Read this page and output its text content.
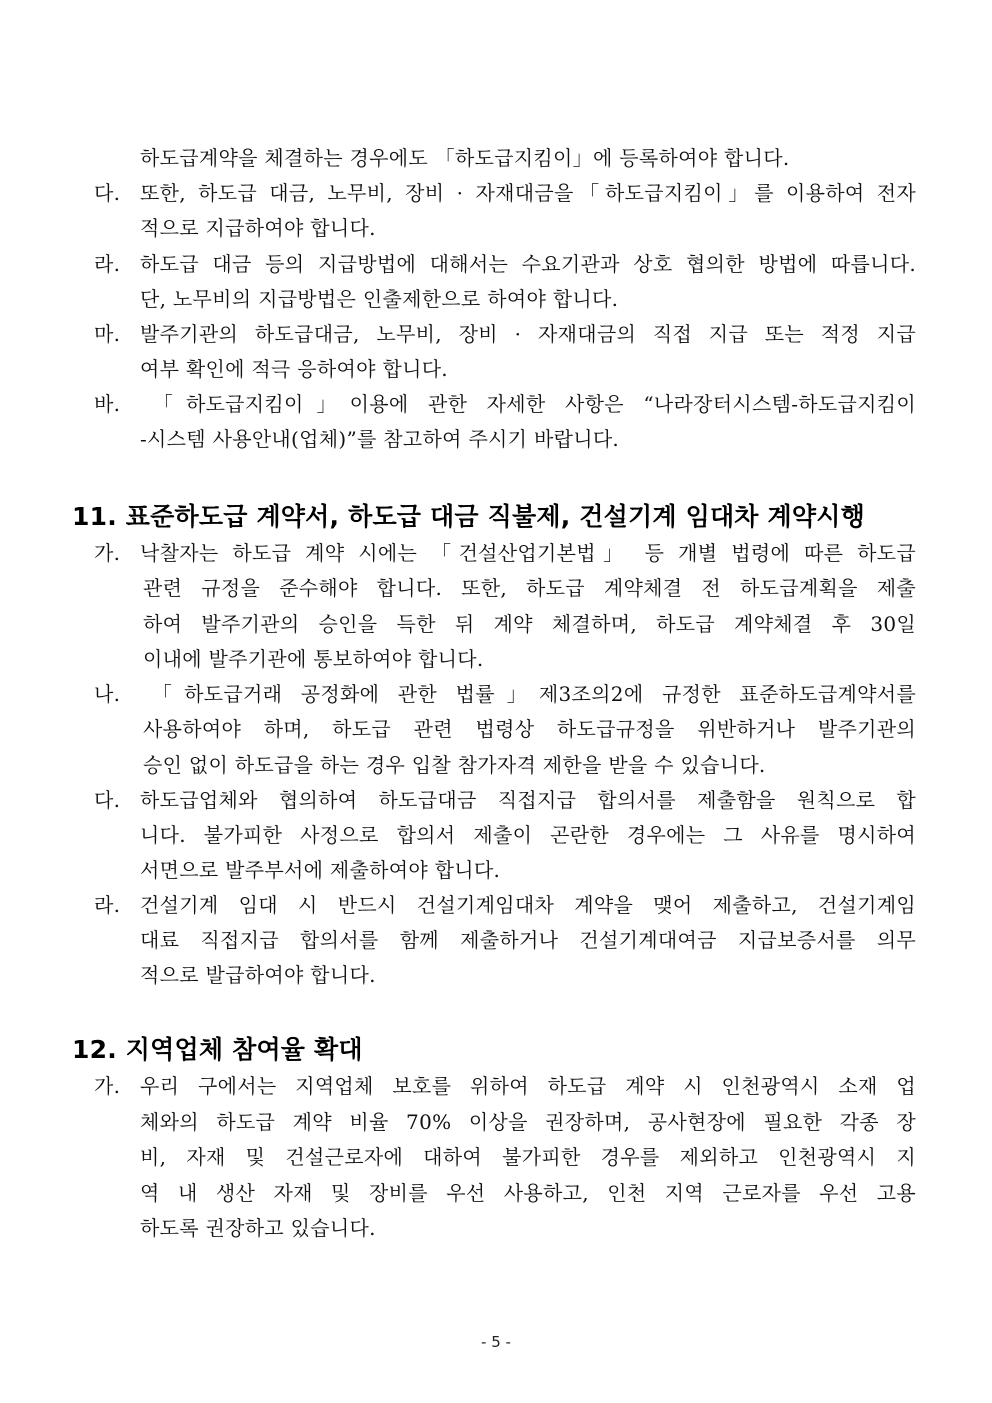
하도급계약을 체결하는 경우에도 「하도급지킴이」에 등록하여야 합니다.
다. 또한, 하도급 대금, 노무비, 장비 · 자재대금을「하도급지킴이」를 이용하여 전자
적으로 지급하여야 합니다.
라. 하도급 대금 등의 지급방법에 대해서는 수요기관과 상호 협의한 방법에 따릅니다.
단, 노무비의 지급방법은 인출제한으로 하여야 합니다.
마. 발주기관의 하도급대금, 노무비, 장비 · 자재대금의 직접 지급 또는 적정 지급
여부 확인에 적극 응하여야 합니다.
바. 「하도급지킴이」이용에 관한 자세한 사항은 “나라장터시스템-하도급지킴이
-시스템 사용안내(업체)”를 참고하여 주시기 바랍니다.
11. 표준하도급 계약서, 하도급 대금 직불제, 건설기계 임대차 계약시행
가. 낙찰자는 하도급 계약 시에는 「건설산업기본법」 등 개별 법령에 따른 하도급
관련 규정을 준수해야 합니다. 또한, 하도급 계약체결 전 하도급계획을 제출
하여 발주기관의 승인을 득한 뒤 계약 체결하며, 하도급 계약체결 후 30일
이내에 발주기관에 통보하여야 합니다.
나. 「하도급거래 공정화에 관한 법률」제3조의2에 규정한 표준하도급계약서를
사용하여야 하며, 하도급 관련 법령상 하도급규정을 위반하거나 발주기관의
승인 없이 하도급을 하는 경우 입찰 참가자격 제한을 받을 수 있습니다.
다. 하도급업체와 협의하여 하도급대금 직접지급 합의서를 제출함을 원칙으로 합
니다. 불가피한 사정으로 합의서 제출이 곤란한 경우에는 그 사유를 명시하여
서면으로 발주부서에 제출하여야 합니다.
라. 건설기계 임대 시 반드시 건설기계임대차 계약을 맺어 제출하고, 건설기계임
대료 직접지급 합의서를 함께 제출하거나 건설기계대여금 지급보증서를 의무
적으로 발급하여야 합니다.
12. 지역업체 참여율 확대
가. 우리 구에서는 지역업체 보호를 위하여 하도급 계약 시 인천광역시 소재 업
체와의 하도급 계약 비율 70% 이상을 권장하며, 공사현장에 필요한 각종 장
비, 자재 및 건설근로자에 대하여 불가피한 경우를 제외하고 인천광역시 지
역 내 생산 자재 및 장비를 우선 사용하고, 인천 지역 근로자를 우선 고용
하도록 권장하고 있습니다.
- 5 -
